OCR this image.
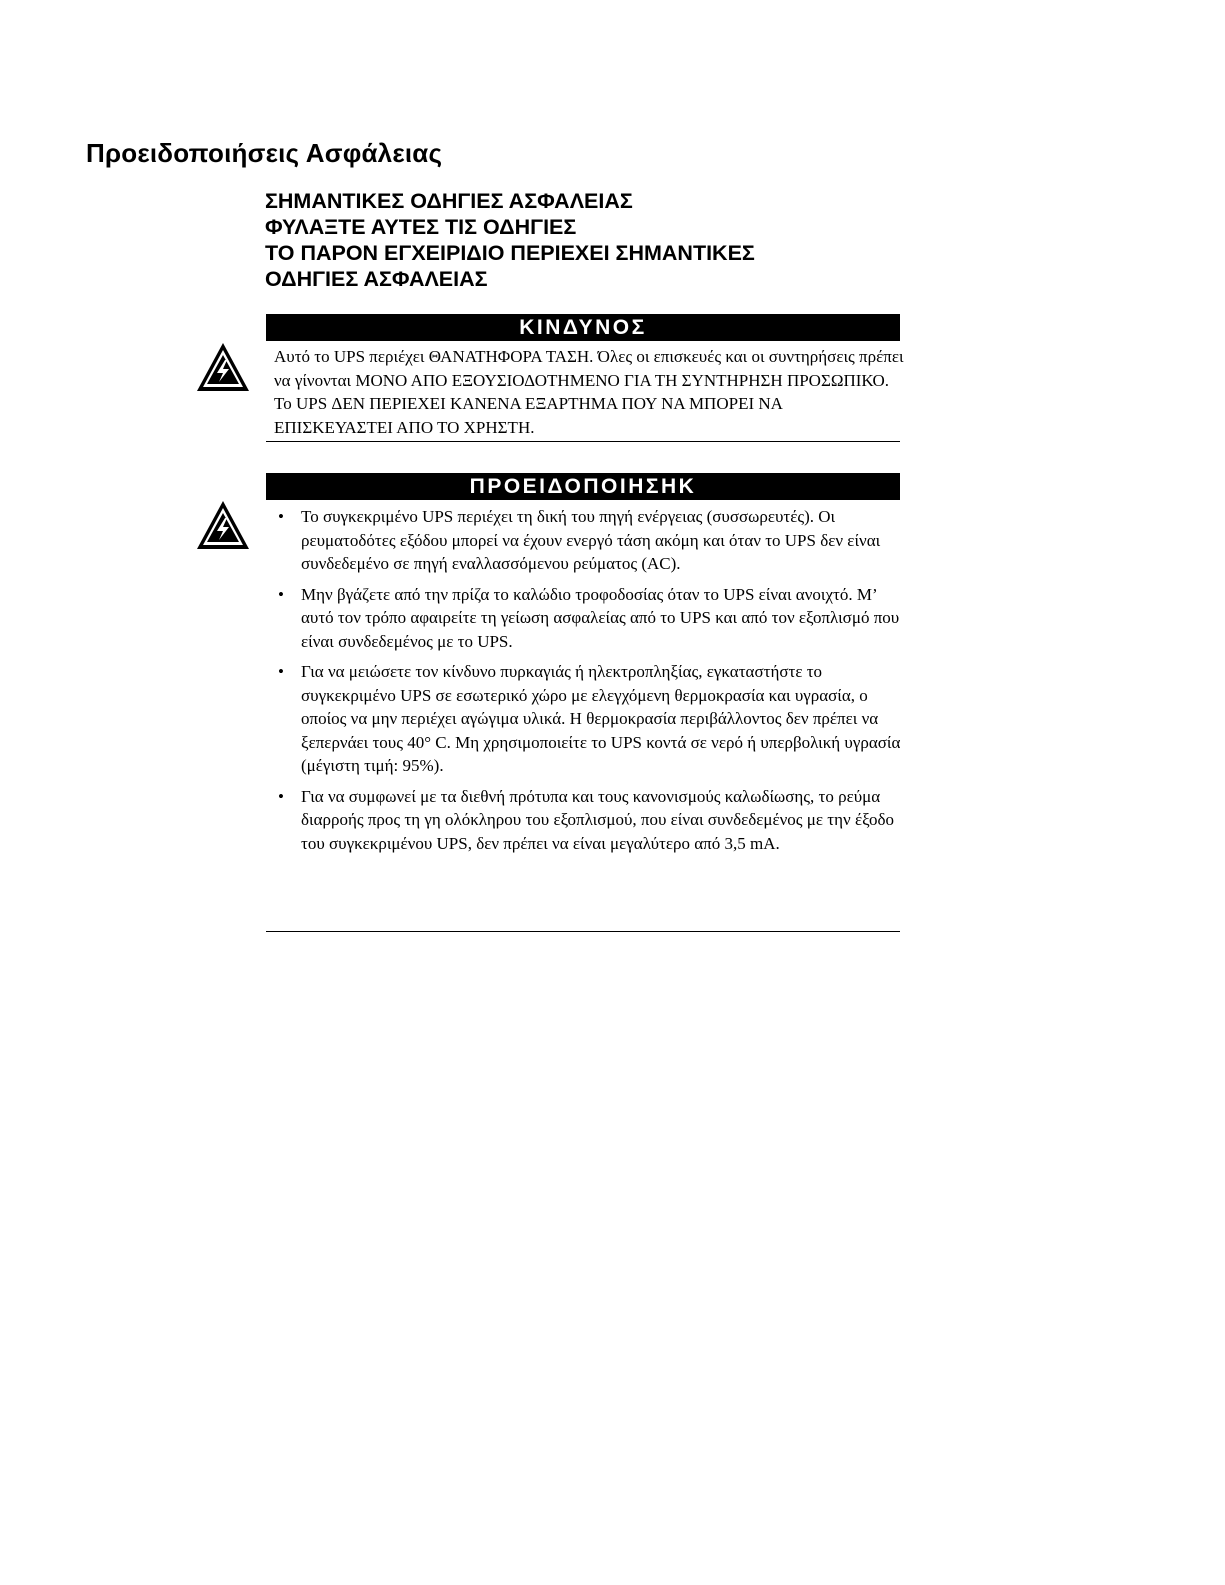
Προειδοποιήσεις Ασφάλειας

ΣΗΜΑΝΤΙΚΕΣ ΟΔΗΓΙΕΣ ΑΣΦΑΛΕΙΑΣ

ΦΥΛΑΞΤΕ ΑΥΤΕΣ ΤΙΣ ΟΔΗΓΙΕΣ

ΤΟ ΠΑΡΟΝ ΕΓΧΕΙΡΙΔΙΟ ΠΕΡΙΕΧΕΙ ΣΗΜΑΝΤΙΚΕΣ

ΟΔΗΓΙΕΣ ΑΣΦΑΛΕΙΑΣ

ΚΙΝΔΥΝΟΣ

Αυτό το UPS περιέχει ΘΑΝΑΤΗΦΟΡΑ ΤΑΣΗ. Όλες οι επισκευές και οι συντηρήσεις πρέπει να γίνονται ΜΟΝΟ ΑΠΟ ΕΞΟΥΣΙΟΔΟΤΗΜΕΝΟ ΓΙΑ ΤΗ ΣΥΝΤΗΡΗΣΗ ΠΡΟΣΩΠΙΚΟ. Το UPS ΔΕΝ ΠΕΡΙΕΧΕΙ ΚΑΝΕΝΑ ΕΞΑΡΤΗΜΑ ΠΟΥ ΝΑ ΜΠΟΡΕΙ ΝΑ ΕΠΙΣΚΕΥΑΣΤΕΙ ΑΠΟ ΤΟ ΧΡΗΣΤΗ.

ΠΡΟΕΙΔΟΠΟΙΗΣΗΚ
• Το συγκεκριμένο UPS περιέχει τη δική του πηγή ενέργειας (συσσωρευτές). Οι ρευματοδότες εξόδου μπορεί να έχουν ενεργό τάση ακόμη και όταν το UPS δεν είναι συνδεδεμένο σε πηγή εναλλασσόμενου ρεύματος (AC).
• Μην βγάζετε από την πρίζα το καλώδιο τροφοδοσίας όταν το UPS είναι ανοιχτό. Μ’ αυτό τον τρόπο αφαιρείτε τη γείωση ασφαλείας από το UPS και από τον εξοπλισμό που είναι συνδεδεμένος με το UPS.
• Για να μειώσετε τον κίνδυνο πυρκαγιάς ή ηλεκτροπληξίας, εγκαταστήστε το συγκεκριμένο UPS σε εσωτερικό χώρο με ελεγχόμενη θερμοκρασία και υγρασία, ο οποίος να μην περιέχει αγώγιμα υλικά. Η θερμοκρασία περιβάλλοντος δεν πρέπει να ξεπερνάει τους 40° C. Μη χρησιμοποιείτε το UPS κοντά σε νερό ή υπερβολική υγρασία (μέγιστη τιμή: 95%).
• Για να συμφωνεί με τα διεθνή πρότυπα και τους κανονισμούς καλωδίωσης, το ρεύμα διαρροής προς τη γη ολόκληρου του εξοπλισμού, που είναι συνδεδεμένος με την έξοδο του συγκεκριμένου UPS, δεν πρέπει να είναι μεγαλύτερο από 3,5 mA.
